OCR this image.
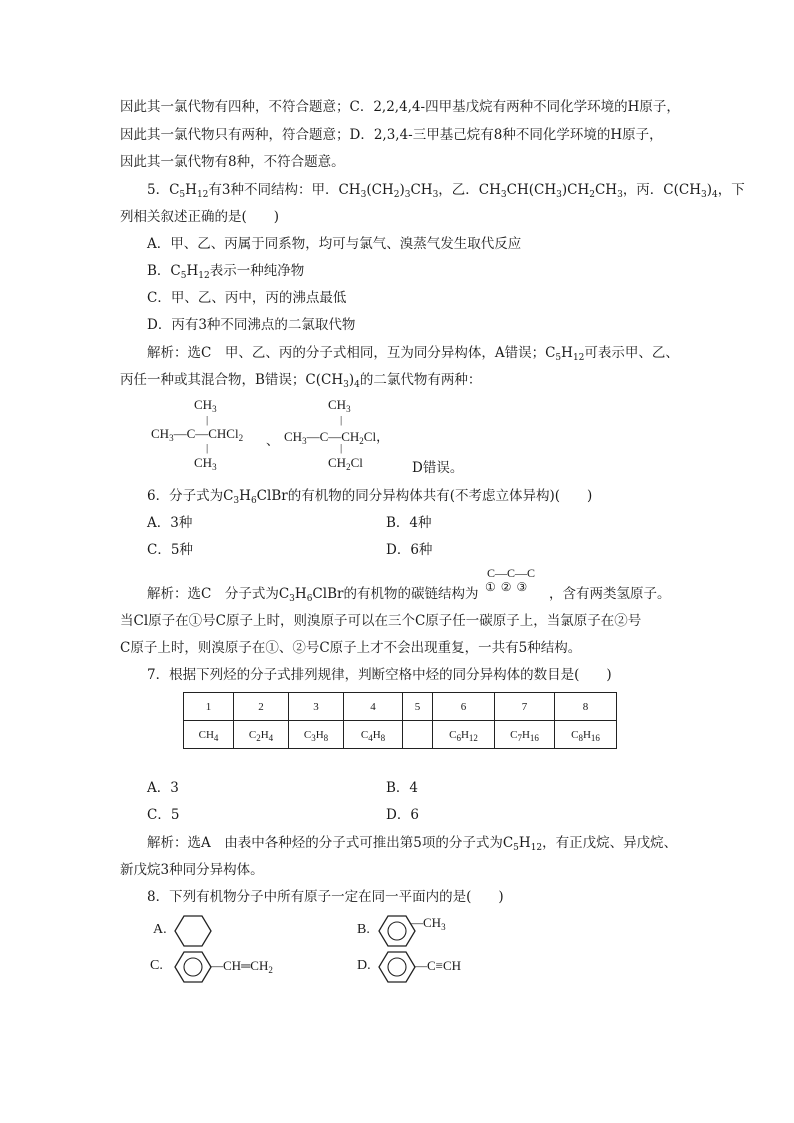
因此其一氯代物有四种，不符合题意；C．2,2,4,4-四甲基戊烷有两种不同化学环境的H原子，
因此其一氯代物只有两种，符合题意；D．2,3,4-三甲基己烷有8种不同化学环境的H原子，
因此其一氯代物有8种，不符合题意。
5．$C_5H_{12}$有3种不同结构：甲．$CH_3(CH_2)_3CH_3$，乙．$CH_3CH(CH_3)CH_2CH_3$，丙．$C(CH_3)_4$，下
列相关叙述正确的是(　　)
A．甲、乙、丙属于同系物，均可与氯气、溴蒸气发生取代反应
B．$C_5H_{12}$表示一种纯净物
C．甲、乙、丙中，丙的沸点最低
D．丙有3种不同沸点的二氯取代物
解析：选C　甲、乙、丙的分子式相同，互为同分异构体，A错误；$C_5H_{12}$可表示甲、乙、
丙任一种或其混合物，B错误；$C(CH_3)_4$的二氯代物有两种：
$CH_3$
|
$CH_3—C—CHCl_2$ 、
|
$CH_3$
$CH_3$
|
$CH_3—C—CH_2Cl$，
|
$CH_2Cl$	D错误。
6．分子式为$C_3H_6ClBr$的有机物的同分异构体共有(不考虑立体异构)(　　)
A．3种	B．4种
C．5种	D．6种
解析：选C　分子式为$C_3H_6ClBr$的有机物的碳链结构为
C—C—C
① ② ③ ，含有两类氢原子。
当Cl原子在①号C原子上时，则溴原子可以在三个C原子任一碳原子上，当氯原子在②号
C原子上时，则溴原子在①、②号C原子上才不会出现重复，一共有5种结构。
7．根据下列烃的分子式排列规律，判断空格中烃的同分异构体的数目是(　　)
1	2	3	4	5	6	7	8
$CH_4$	$C_2H_4$	$C_3H_8$	$C_4H_8$		$C_6H_{12}$	$C_7H_{16}$	$C_8H_{16}$
A．3	B．4
C．5	D．6
解析：选A　由表中各种烃的分子式可推出第5项的分子式为$C_5H_{12}$，有正戊烷、异戊烷、
新戊烷3种同分异构体。
8．下列有机物分子中所有原子一定在同一平面内的是(　　)
A.	B.	$—CH_3$
C.	$—CH═CH_2$	D.	—C≡CH
